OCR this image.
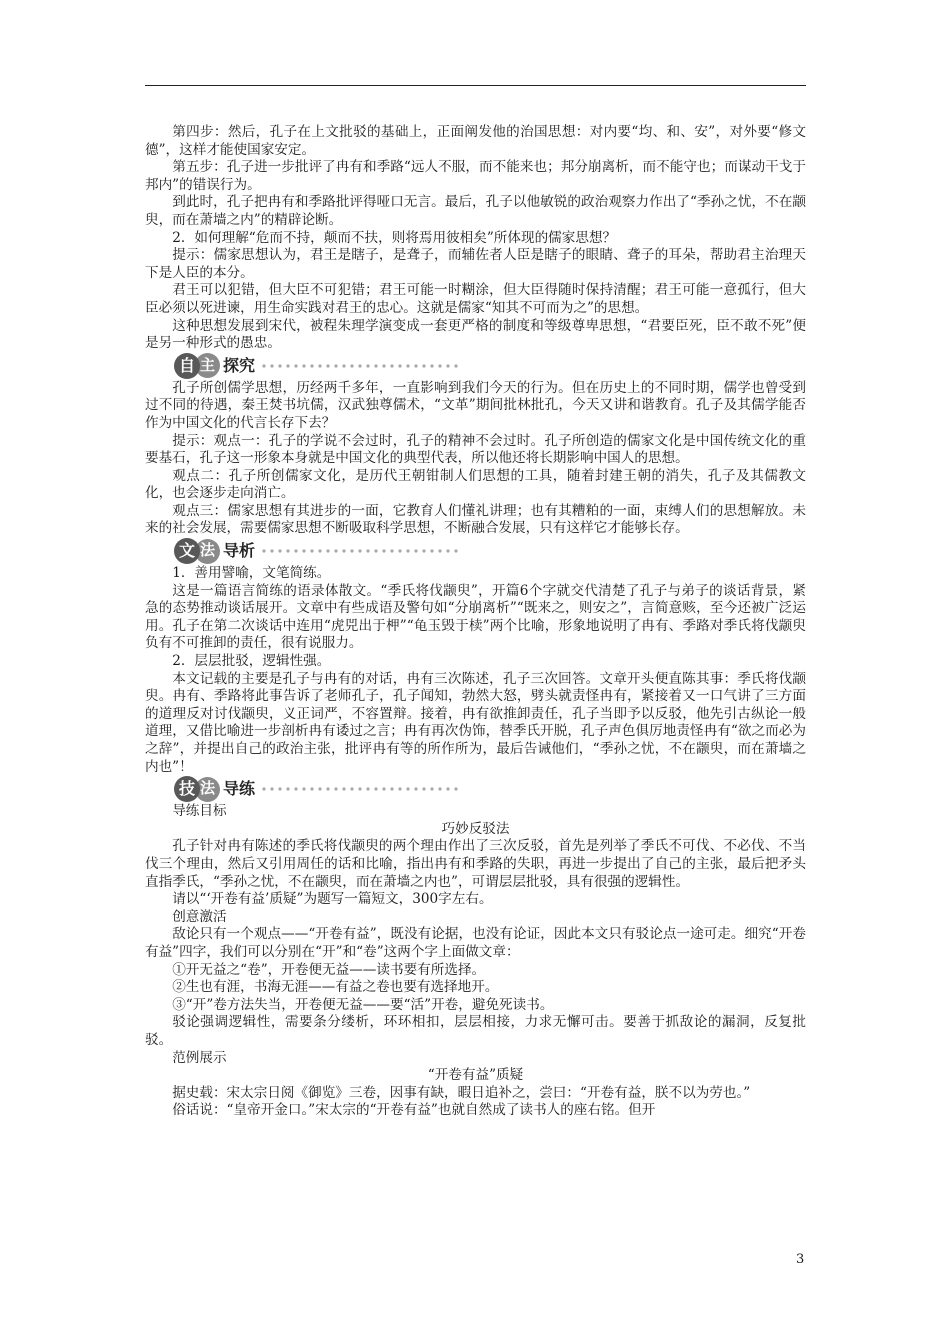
第四步：然后，孔子在上文批驳的基础上，正面阐发他的治国思想：对内要“均、和、安”，对外要“修文德”，这样才能使国家安定。

第五步：孔子进一步批评了冉有和季路“远人不服，而不能来也；邦分崩离析，而不能守也；而谋动干戈于邦内”的错误行为。

到此时，孔子把冉有和季路批评得哑口无言。最后，孔子以他敏锐的政治观察力作出了“季孙之忧，不在颛臾，而在萧墙之内”的精辟论断。

2．如何理解“危而不持，颠而不扶，则将焉用彼相矣”所体现的儒家思想？

提示：儒家思想认为，君王是瞎子，是聋子，而辅佐者人臣是瞎子的眼睛、聋子的耳朵，帮助君主治理天下是人臣的本分。

君王可以犯错，但大臣不可犯错；君王可能一时糊涂，但大臣得随时保持清醒；君王可能一意孤行，但大臣必须以死进谏，用生命实践对君王的忠心。这就是儒家“知其不可而为之”的思想。

这种思想发展到宋代，被程朱理学演变成一套更严格的制度和等级尊卑思想，“君要臣死，臣不敢不死”便是另一种形式的愚忠。

自 主 探究

孔子所创儒学思想，历经两千多年，一直影响到我们今天的行为。但在历史上的不同时期，儒学也曾受到过不同的待遇，秦王焚书坑儒，汉武独尊儒术，“文革”期间批林批孔，今天又讲和谐教育。孔子及其儒学能否作为中国文化的代言长存下去？

提示：观点一：孔子的学说不会过时，孔子的精神不会过时。孔子所创造的儒家文化是中国传统文化的重要基石，孔子这一形象本身就是中国文化的典型代表，所以他还将长期影响中国人的思想。

观点二：孔子所创儒家文化，是历代王朝钳制人们思想的工具，随着封建王朝的消失，孔子及其儒教文化，也会逐步走向消亡。

观点三：儒家思想有其进步的一面，它教育人们懂礼讲理；也有其糟粕的一面，束缚人们的思想解放。未来的社会发展，需要儒家思想不断吸取科学思想，不断融合发展，只有这样它才能够长存。

文 法 导析

1．善用譬喻，文笔简练。

这是一篇语言简练的语录体散文。“季氏将伐颛臾”，开篇6个字就交代清楚了孔子与弟子的谈话背景，紧急的态势推动谈话展开。文章中有些成语及警句如“分崩离析”“既来之，则安之”，言简意赅，至今还被广泛运用。孔子在第二次谈话中连用“虎兕出于柙”“龟玉毁于椟”两个比喻，形象地说明了冉有、季路对季氏将伐颛臾负有不可推卸的责任，很有说服力。

2．层层批驳，逻辑性强。

本文记载的主要是孔子与冉有的对话，冉有三次陈述，孔子三次回答。文章开头便直陈其事：季氏将伐颛臾。冉有、季路将此事告诉了老师孔子，孔子闻知，勃然大怒，劈头就责怪冉有，紧接着又一口气讲了三方面的道理反对讨伐颛臾，义正词严，不容置辩。接着，冉有欲推卸责任，孔子当即予以反驳，他先引古纵论一般道理，又借比喻进一步剖析冉有诿过之言；冉有再次伪饰，替季氏开脱，孔子声色俱厉地责怪冉有“欲之而必为之辞”，并提出自己的政治主张，批评冉有等的所作所为，最后告诫他们，“季孙之忧，不在颛臾，而在萧墙之内也”！

技 法 导练

导练目标

巧妙反驳法

孔子针对冉有陈述的季氏将伐颛臾的两个理由作出了三次反驳，首先是列举了季氏不可伐、不必伐、不当伐三个理由，然后又引用周任的话和比喻，指出冉有和季路的失职，再进一步提出了自己的主张，最后把矛头直指季氏，“季孙之忧，不在颛臾，而在萧墙之内也”，可谓层层批驳，具有很强的逻辑性。

请以“‘开卷有益’质疑”为题写一篇短文，300字左右。

创意激活

敌论只有一个观点——“开卷有益”，既没有论据，也没有论证，因此本文只有驳论点一途可走。细究“开卷有益”四字，我们可以分别在“开”和“卷”这两个字上面做文章：

①开无益之“卷”，开卷便无益——读书要有所选择。

②生也有涯，书海无涯——有益之卷也要有选择地开。

③“开”卷方法失当，开卷便无益——要“活”开卷，避免死读书。

驳论强调逻辑性，需要条分缕析，环环相扣，层层相接，力求无懈可击。要善于抓敌论的漏洞，反复批驳。

范例展示

“开卷有益”质疑

据史载：宋太宗日阅《御览》三卷，因事有缺，暇日追补之，尝曰：“开卷有益，朕不以为劳也。”

俗话说：“皇帝开金口。”宋太宗的“开卷有益”也就自然成了读书人的座右铭。但开

3
